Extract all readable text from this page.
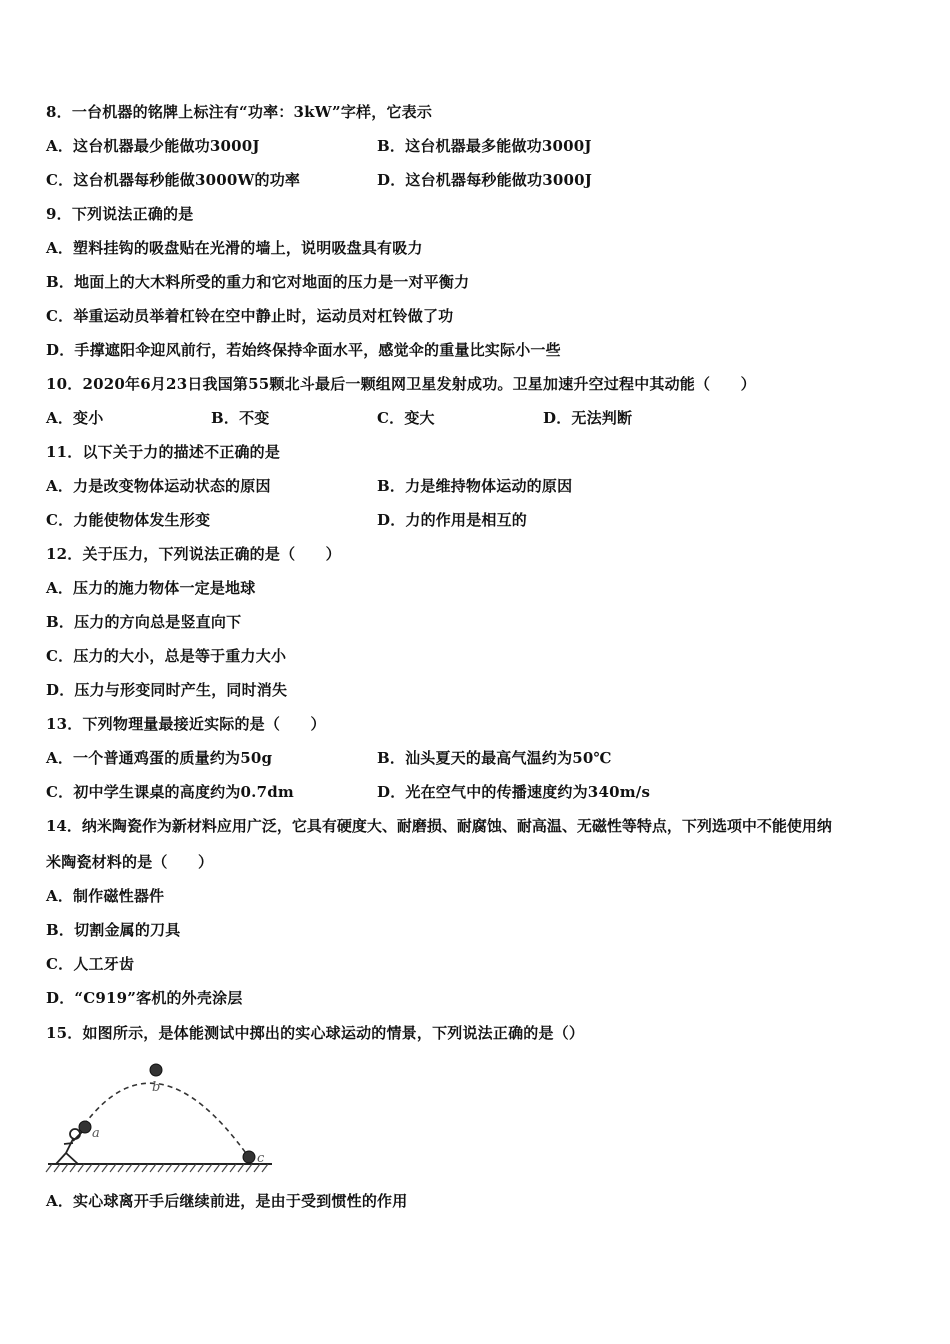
8．一台机器的铭牌上标注有“功率：3kW”字样，它表示
A．这台机器最少能做功3000J	B．这台机器最多能做功3000J
C．这台机器每秒能做3000W的功率	D．这台机器每秒能做功3000J
9．下列说法正确的是
A．塑料挂钩的吸盘贴在光滑的墙上，说明吸盘具有吸力
B．地面上的大木料所受的重力和它对地面的压力是一对平衡力
C．举重运动员举着杠铃在空中静止时，运动员对杠铃做了功
D．手撑遮阳伞迎风前行，若始终保持伞面水平，感觉伞的重量比实际小一些
10．2020年6月23日我国第55颗北斗最后一颗组网卫星发射成功。卫星加速升空过程中其动能（　　）
A．变小	B．不变	C．变大	D．无法判断
11．以下关于力的描述不正确的是
A．力是改变物体运动状态的原因	B．力是维持物体运动的原因
C．力能使物体发生形变	D．力的作用是相互的
12．关于压力，下列说法正确的是（　　）
A．压力的施力物体一定是地球
B．压力的方向总是竖直向下
C．压力的大小，总是等于重力大小
D．压力与形变同时产生，同时消失
13．下列物理量最接近实际的是（　　）
A．一个普通鸡蛋的质量约为50g	B．汕头夏天的最高气温约为50℃
C．初中学生课桌的高度约为0.7dm	D．光在空气中的传播速度约为340m/s
14．纳米陶瓷作为新材料应用广泛，它具有硬度大、耐磨损、耐腐蚀、耐高温、无磁性等特点，下列选项中不能使用纳
米陶瓷材料的是（　　）
A．制作磁性器件
B．切割金属的刀具
C．人工牙齿
D．“C919”客机的外壳涂层
15．如图所示，是体能测试中掷出的实心球运动的情景，下列说法正确的是（）
a
b
c
A．实心球离开手后继续前进，是由于受到惯性的作用
